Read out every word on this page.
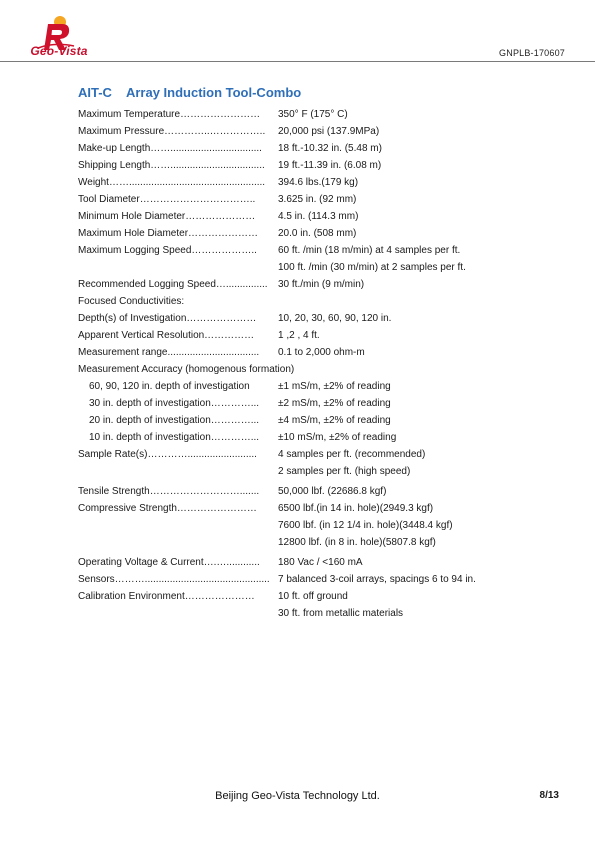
Geo-Vista	GNPLB-170607
AIT-C Array Induction Tool-Combo
Maximum Temperature……………………	350° F (175° C)
Maximum Pressure…………..……………..	20,000 psi (137.9MPa)
Make-up Length…….................................	18 ft.-10.32 in. (5.48 m)
Shipping Length……..................................	19 ft.-11.39 in. (6.08 m)
Weight…….................................................	394.6 lbs.(179 kg)
Tool Diameter……………………………..	3.625 in. (92 mm)
Minimum Hole Diameter…………………	4.5 in. (114.3 mm)
Maximum Hole Diameter…………………	20.0 in. (508 mm)
Maximum Logging Speed………………..	60 ft. /min (18 m/min) at 4 samples per ft.
100 ft. /min (30 m/min) at 2 samples per ft.
Recommended Logging Speed…...............	30 ft./min (9 m/min)
Focused Conductivities:
Depth(s) of Investigation…………………	10, 20, 30, 60, 90, 120 in.
Apparent Vertical Resolution……………	1 ,2 , 4 ft.
Measurement range.................................	0.1 to 2,000 ohm-m
Measurement Accuracy (homogenous formation)
60, 90, 120 in. depth of investigation	±1 mS/m, ±2% of reading
30 in. depth of investigation…………...	±2 mS/m, ±2% of reading
20 in. depth of investigation…………...	±4 mS/m, ±2% of reading
10 in. depth of investigation…………...	±10 mS/m, ±2% of reading
Sample Rate(s)………….........................	4 samples per ft. (recommended)
2 samples per ft. (high speed)
Tensile Strength……………………….......	50,000 lbf. (22686.8 kgf)
Compressive Strength……………………	6500 lbf.(in 14 in. hole)(2949.3 kgf)
7600 lbf. (in 12 1/4 in. hole)(3448.4 kgf)
12800 lbf. (in 8 in. hole)(5807.8 kgf)
Operating Voltage & Current….…............	180 Vac / <160 mA
Sensors………............................................. 7 balanced 3-coil arrays, spacings 6 to 94 in.
Calibration Environment…………………	10 ft. off ground
30 ft. from metallic materials
Beijing Geo-Vista Technology Ltd.	8/13
